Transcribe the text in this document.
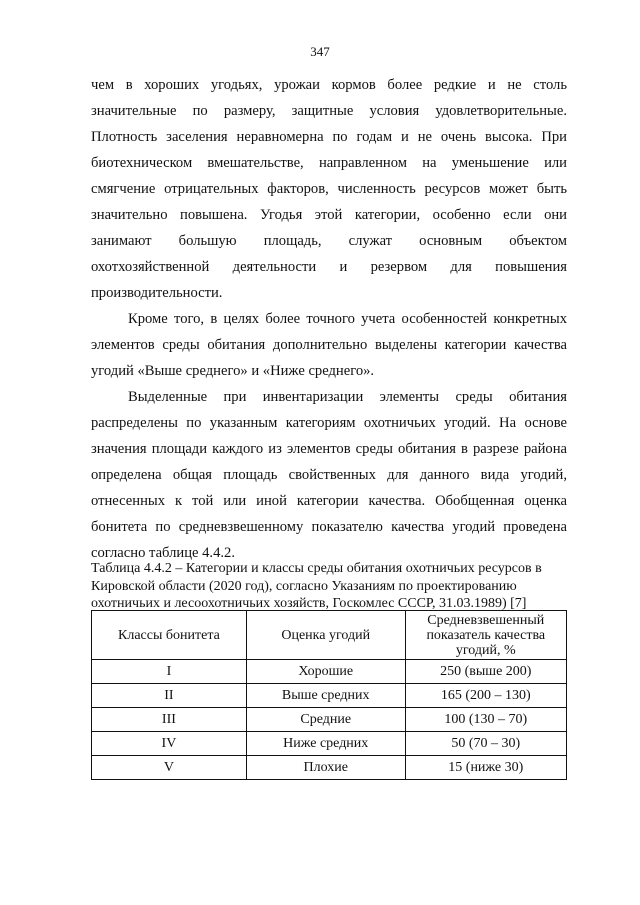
347

чем в хороших угодьях, урожаи кормов более редкие и не столь значительные по размеру, защитные условия удовлетворительные. Плотность заселения неравномерна по годам и не очень высока. При биотехническом вмешательстве, направленном на уменьшение или смягчение отрицательных факторов, численность ресурсов может быть значительно повышена. Угодья этой категории, особенно если они занимают большую площадь, служат основным объектом охотхозяйственной деятельности и резервом для повышения производительности.

Кроме того, в целях более точного учета особенностей конкретных элементов среды обитания дополнительно выделены категории качества угодий «Выше среднего» и «Ниже среднего».

Выделенные при инвентаризации элементы среды обитания распределены по указанным категориям охотничьих угодий. На основе значения площади каждого из элементов среды обитания в разрезе района определена общая площадь свойственных для данного вида угодий, отнесенных к той или иной категории качества. Обобщенная оценка бонитета по средневзвешенному показателю качества угодий проведена согласно таблице 4.4.2.

Таблица 4.4.2 – Категории и классы среды обитания охотничьих ресурсов в Кировской области (2020 год), согласно Указаниям по проектированию охотничьих и лесоохотничьих хозяйств, Госкомлес СССР, 31.03.1989) [7]
Классы бонитета	Оценка угодий	Средневзвешенный показатель качества угодий, %
I	Хорошие	250 (выше 200)
II	Выше средних	165 (200 – 130)
III	Средние	100 (130 – 70)
IV	Ниже средних	50 (70 – 30)
V	Плохие	15 (ниже 30)
